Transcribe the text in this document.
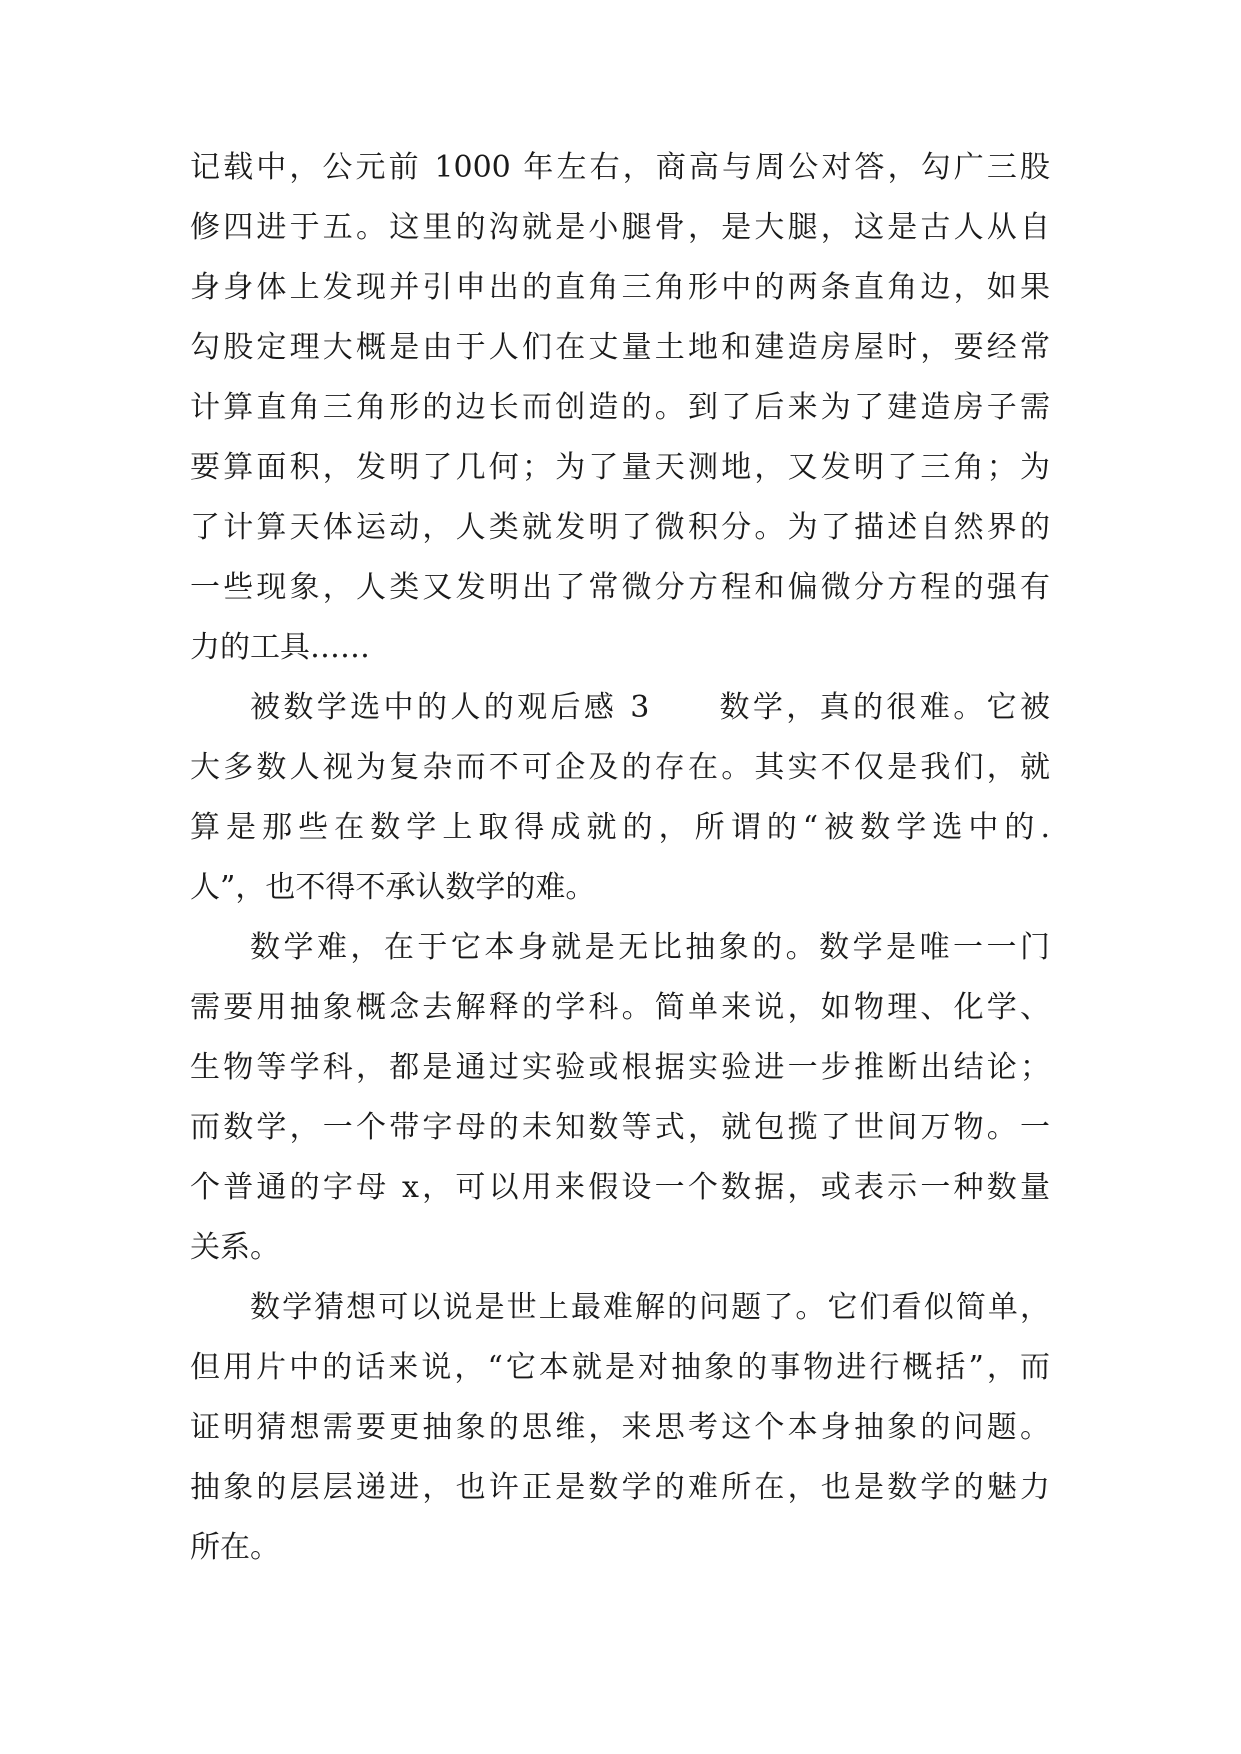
记载中，公元前 1000 年左右，商高与周公对答，勾广三股
修四进于五。这里的沟就是小腿骨，是大腿，这是古人从自
身身体上发现并引申出的直角三角形中的两条直角边，如果
勾股定理大概是由于人们在丈量土地和建造房屋时，要经常
计算直角三角形的边长而创造的。到了后来为了建造房子需
要算面积，发明了几何；为了量天测地，又发明了三角；为
了计算天体运动，人类就发明了微积分。为了描述自然界的
一些现象，人类又发明出了常微分方程和偏微分方程的强有
力的工具……
被数学选中的人的观后感 3　　数学，真的很难。它被
大多数人视为复杂而不可企及的存在。其实不仅是我们，就
算是那些在数学上取得成就的，所谓的“被数学选中的.
人”，也不得不承认数学的难。
数学难，在于它本身就是无比抽象的。数学是唯一一门
需要用抽象概念去解释的学科。简单来说，如物理、化学、
生物等学科，都是通过实验或根据实验进一步推断出结论；
而数学，一个带字母的未知数等式，就包揽了世间万物。一
个普通的字母 x，可以用来假设一个数据，或表示一种数量
关系。
数学猜想可以说是世上最难解的问题了。它们看似简单，
但用片中的话来说，“它本就是对抽象的事物进行概括”，而
证明猜想需要更抽象的思维，来思考这个本身抽象的问题。
抽象的层层递进，也许正是数学的难所在，也是数学的魅力
所在。
